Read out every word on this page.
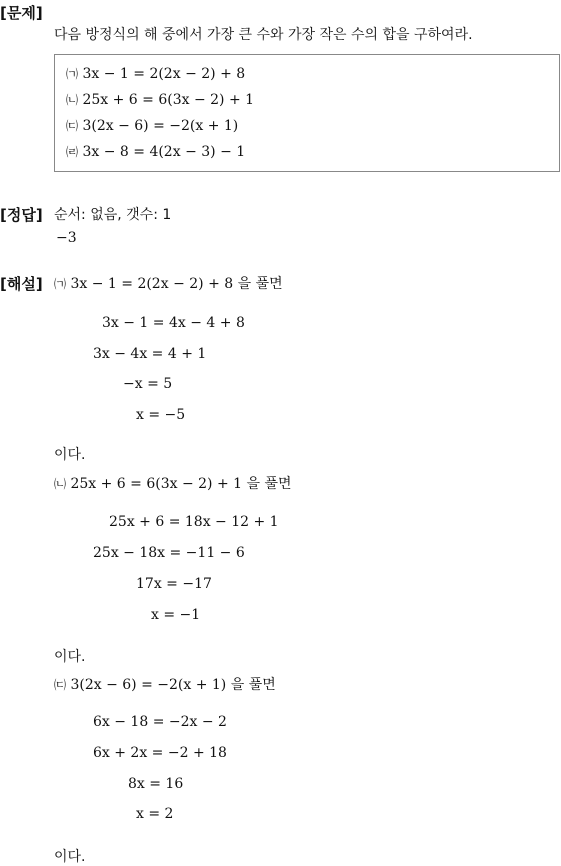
[문제]
다음 방정식의 해 중에서 가장 큰 수와 가장 작은 수의 합을 구하여라.
㈀ 3x − 1 = 2(2x − 2) + 8
㈁ 25x + 6 = 6(3x − 2) + 1
㈂ 3(2x − 6) = −2(x + 1)
㈃ 3x − 8 = 4(2x − 3) − 1
[정답] 순서: 없음, 갯수: 1
−3
[해설] ㈀ 3x − 1 = 2(2x − 2) + 8 을 풀면
3x − 1 = 4x − 4 + 8
3x − 4x = 4 + 1
−x = 5
x = −5
이다.
㈁ 25x + 6 = 6(3x − 2) + 1 을 풀면
25x + 6 = 18x − 12 + 1
25x − 18x = −11 − 6
17x = −17
x = −1
이다.
㈂ 3(2x − 6) = −2(x + 1) 을 풀면
6x − 18 = −2x − 2
6x + 2x = −2 + 18
8x = 16
x = 2
이다.
